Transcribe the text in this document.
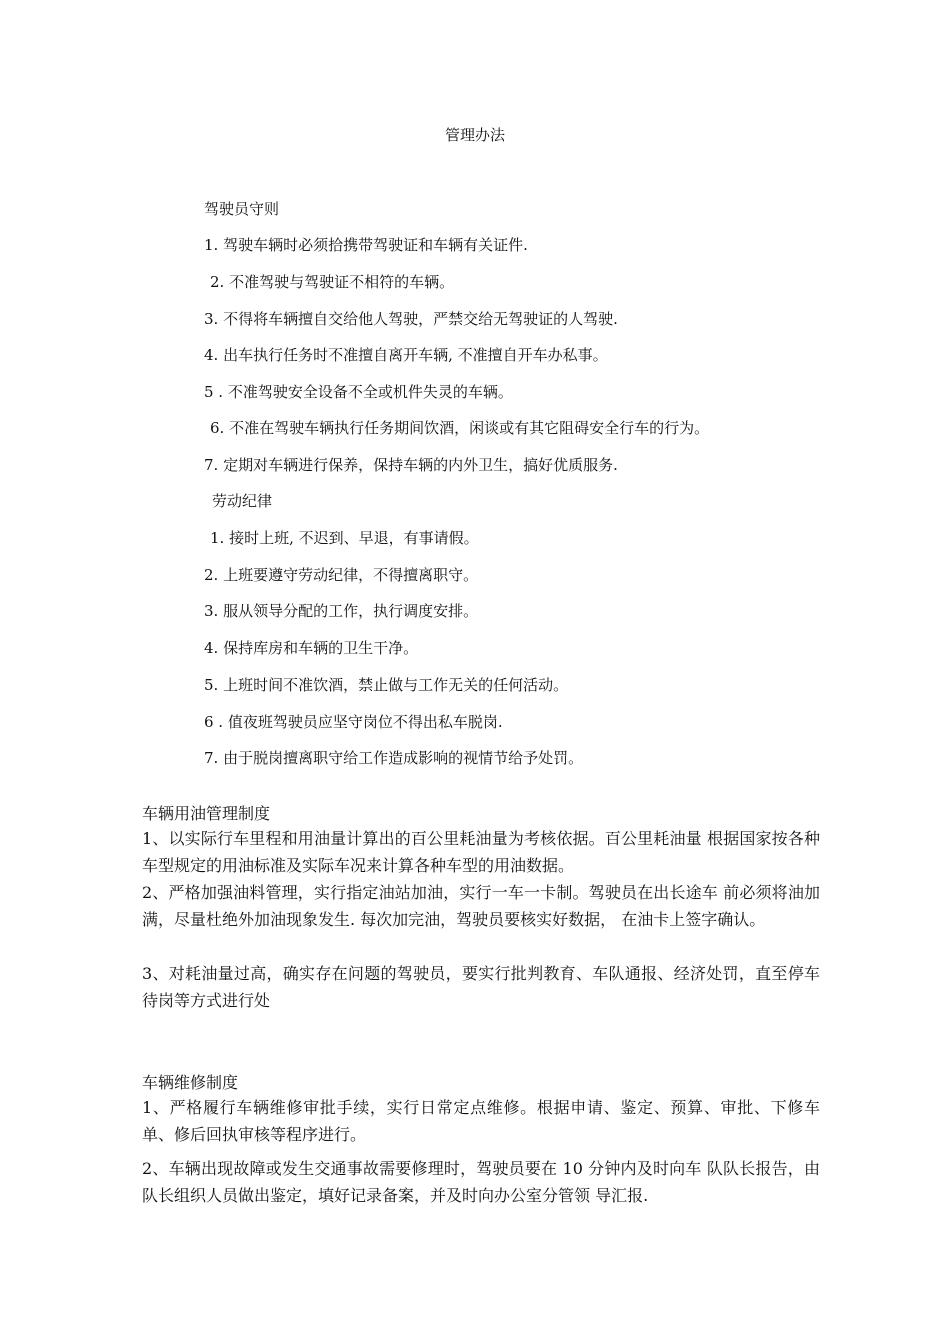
管理办法
驾驶员守则
1. 驾驶车辆时必须拾携带驾驶证和车辆有关证件.
2. 不准驾驶与驾驶证不相符的车辆。
3. 不得将车辆擅自交给他人驾驶，严禁交给无驾驶证的人驾驶.
4. 出车执行任务时不准擅自离开车辆, 不准擅自开车办私事。
5 . 不准驾驶安全设备不全或机件失灵的车辆。
6. 不准在驾驶车辆执行任务期间饮酒，闲谈或有其它阻碍安全行车的行为。
7. 定期对车辆进行保养，保持车辆的内外卫生，搞好优质服务.
劳动纪律
1. 接时上班, 不迟到、早退，有事请假。
2. 上班要遵守劳动纪律，不得擅离职守。
3. 服从领导分配的工作，执行调度安排。
4. 保持库房和车辆的卫生干净。
5. 上班时间不准饮酒，禁止做与工作无关的任何活动。
6 . 值夜班驾驶员应坚守岗位不得出私车脱岗.
7. 由于脱岗擅离职守给工作造成影响的视情节给予处罚。
车辆用油管理制度
1、以实际行车里程和用油量计算出的百公里耗油量为考核依据。百公里耗油量 根据国家按各种车型规定的用油标准及实际车况来计算各种车型的用油数据。
2、严格加强油料管理，实行指定油站加油，实行一车一卡制。驾驶员在出长途车 前必须将油加满，尽量杜绝外加油现象发生. 每次加完油，驾驶员要核实好数据， 在油卡上签字确认。
3、对耗油量过高，确实存在问题的驾驶员，要实行批判教育、车队通报、经济处罚，直至停车待岗等方式进行处
车辆维修制度
1、严格履行车辆维修审批手续，实行日常定点维修。根据申请、鉴定、预算、审批、下修车单、修后回执审核等程序进行。
2、车辆出现故障或发生交通事故需要修理时，驾驶员要在 10 分钟内及时向车 队队长报告，由队长组织人员做出鉴定，填好记录备案，并及时向办公室分管领 导汇报.
